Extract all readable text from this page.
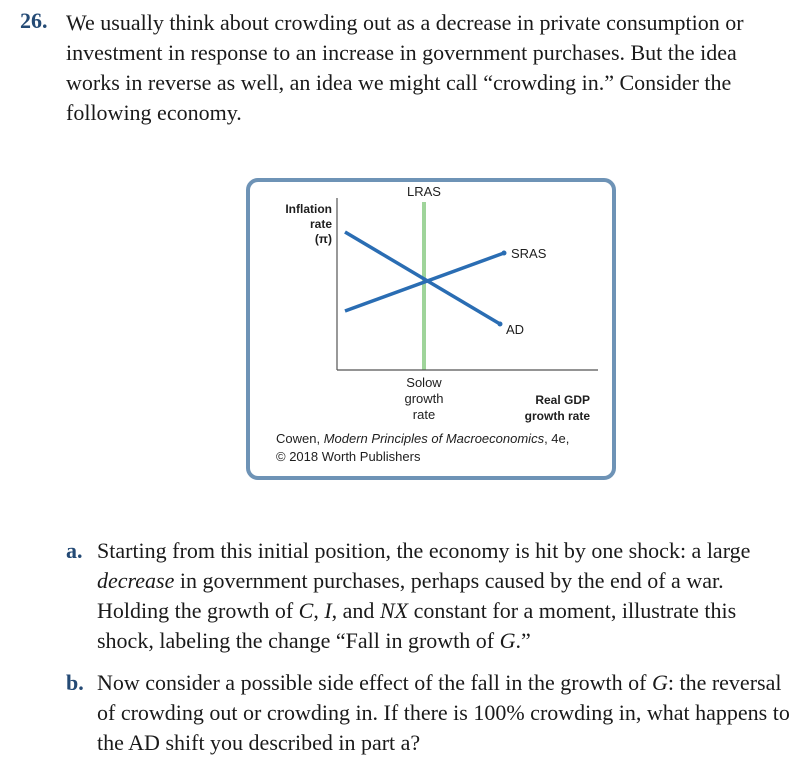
26. We usually think about crowding out as a decrease in private consumption or investment in response to an increase in government purchases. But the idea works in reverse as well, an idea we might call “crowding in.” Consider the following economy.
LRAS
SRAS
AD
Inflation
rate
(π)
Solow
growth
rate
Real GDP
growth rate
Cowen, Modern Principles of Macroeconomics, 4e,
© 2018 Worth Publishers
a. Starting from this initial position, the economy is hit by one shock: a large decrease in government purchases, perhaps caused by the end of a war. Holding the growth of C, I, and NX constant for a moment, illustrate this shock, labeling the change “Fall in growth of G.”
b. Now consider a possible side effect of the fall in the growth of G: the reversal of crowding out or crowding in. If there is 100% crowding in, what happens to the AD shift you described in part a?
